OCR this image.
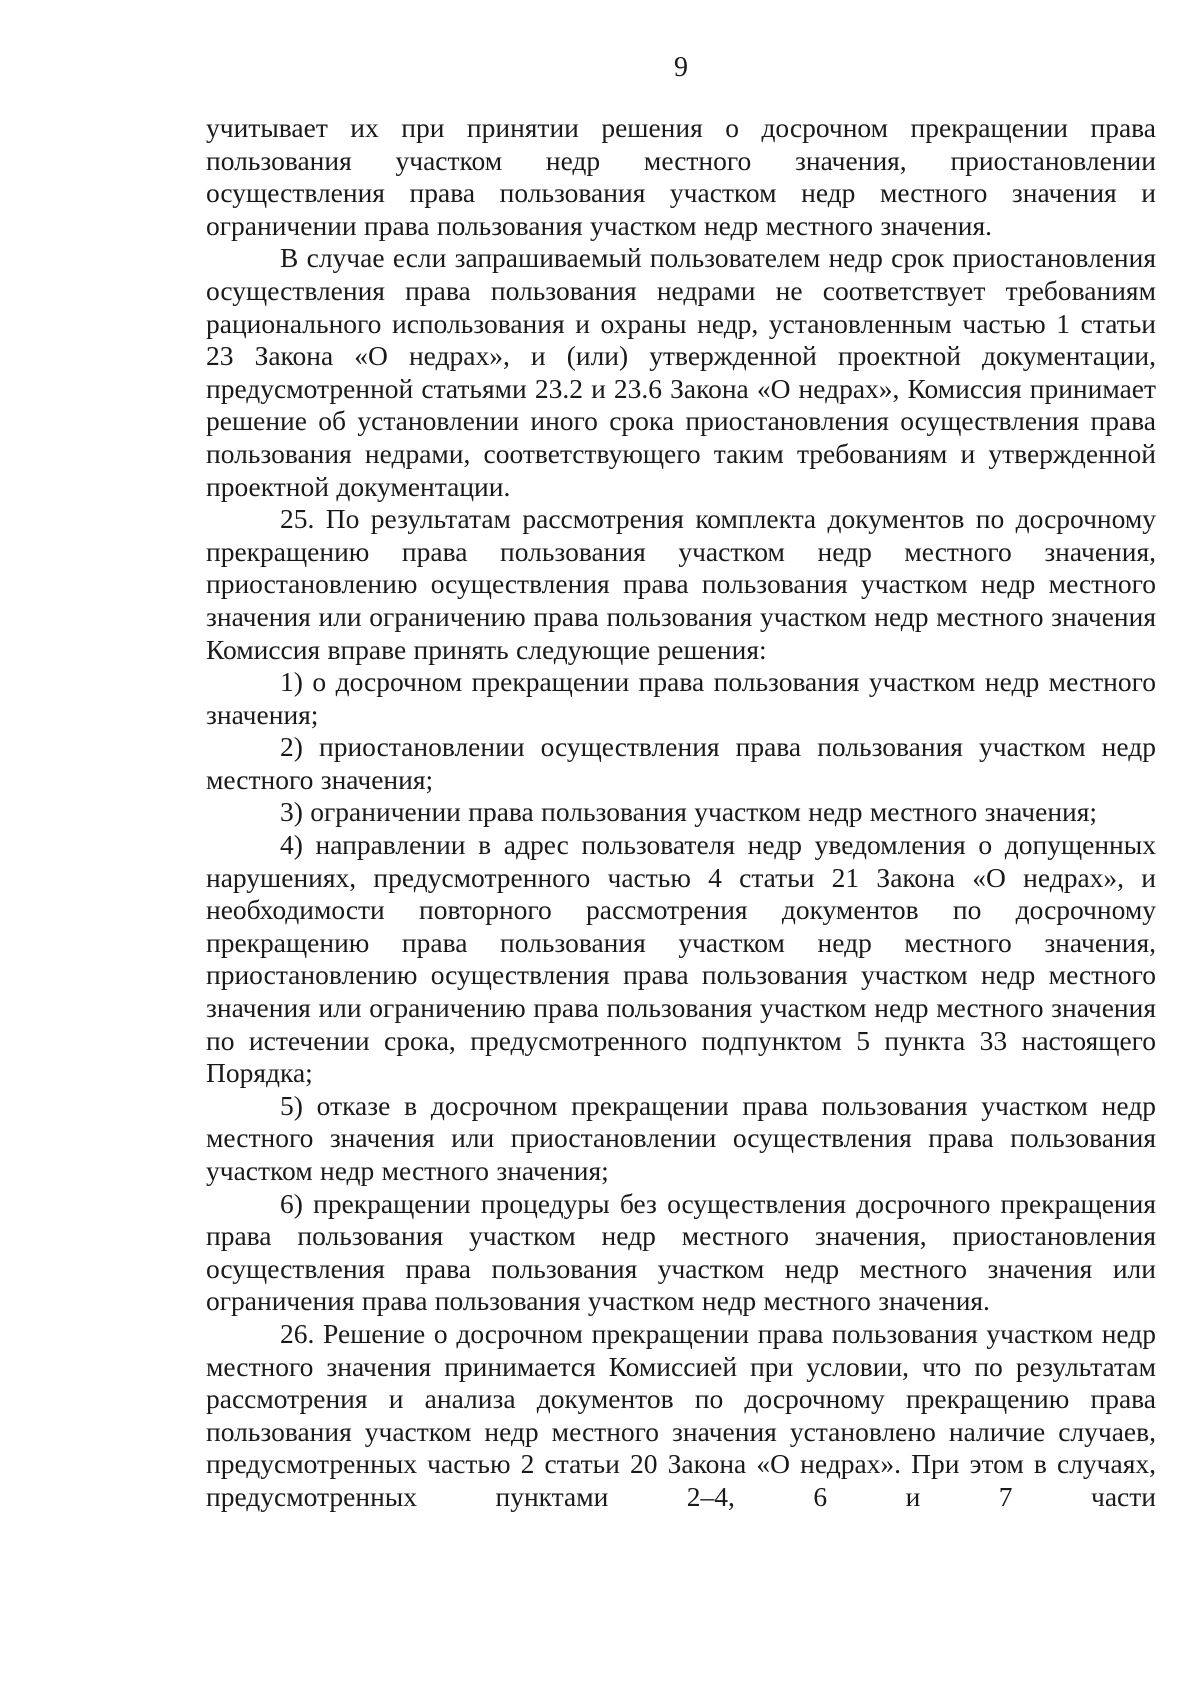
9

учитывает их при принятии решения о досрочном прекращении права пользования участком недр местного значения, приостановлении осуществления права пользования участком недр местного значения и ограничении права пользования участком недр местного значения.

В случае если запрашиваемый пользователем недр срок приостановления осуществления права пользования недрами не соответствует требованиям рационального использования и охраны недр, установленным частью 1 статьи 23 Закона «О недрах», и (или) утвержденной проектной документации, предусмотренной статьями 23.2 и 23.6 Закона «О недрах», Комиссия принимает решение об установлении иного срока приостановления осуществления права пользования недрами, соответствующего таким требованиям и утвержденной проектной документации.

25. По результатам рассмотрения комплекта документов по досрочному прекращению права пользования участком недр местного значения, приостановлению осуществления права пользования участком недр местного значения или ограничению права пользования участком недр местного значения Комиссия вправе принять следующие решения:

1) о досрочном прекращении права пользования участком недр местного значения;

2) приостановлении осуществления права пользования участком недр местного значения;

3) ограничении права пользования участком недр местного значения;

4) направлении в адрес пользователя недр уведомления о допущенных нарушениях, предусмотренного частью 4 статьи 21 Закона «О недрах», и необходимости повторного рассмотрения документов по досрочному прекращению права пользования участком недр местного значения, приостановлению осуществления права пользования участком недр местного значения или ограничению права пользования участком недр местного значения по истечении срока, предусмотренного подпунктом 5 пункта 33 настоящего Порядка;

5) отказе в досрочном прекращении права пользования участком недр местного значения или приостановлении осуществления права пользования участком недр местного значения;

6) прекращении процедуры без осуществления досрочного прекращения права пользования участком недр местного значения, приостановления осуществления права пользования участком недр местного значения или ограничения права пользования участком недр местного значения.

26. Решение о досрочном прекращении права пользования участком недр местного значения принимается Комиссией при условии, что по результатам рассмотрения и анализа документов по досрочному прекращению права пользования участком недр местного значения установлено наличие случаев, предусмотренных частью 2 статьи 20 Закона «О недрах». При этом в случаях, предусмотренных пунктами 2–4, 6 и 7 части
